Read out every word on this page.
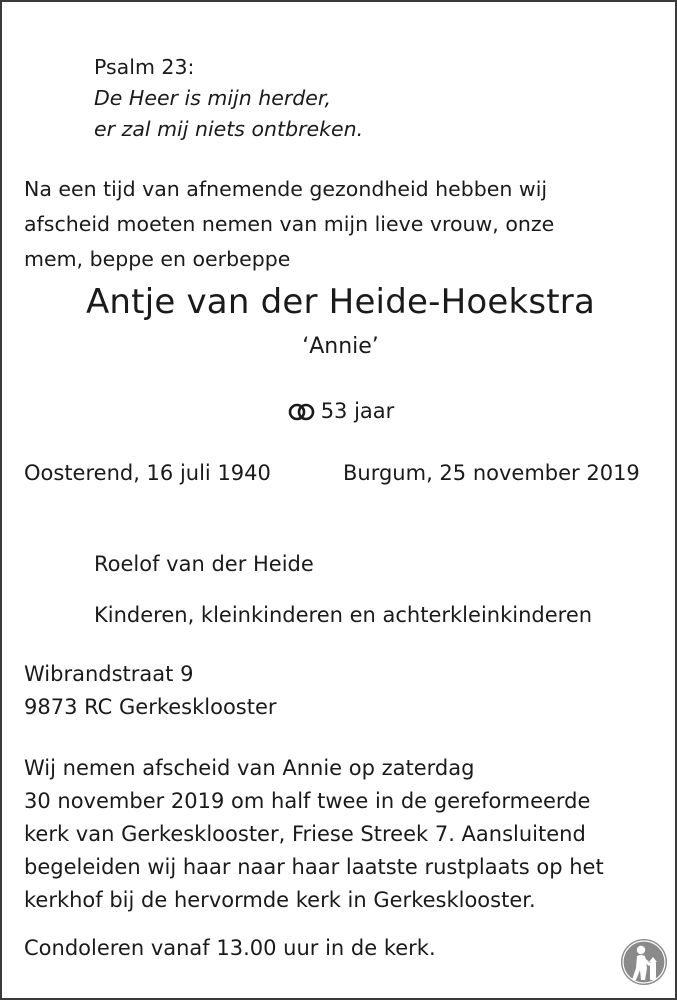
Psalm 23:
De Heer is mijn herder,
er zal mij niets ontbreken.
Na een tijd van afnemende gezondheid hebben wij
afscheid moeten nemen van mijn lieve vrouw, onze
mem, beppe en oerbeppe
Antje van der Heide-Hoekstra
‘Annie’
53 jaar
Oosterend, 16 juli 1940	Burgum, 25 november 2019
Roelof van der Heide
Kinderen, kleinkinderen en achterkleinkinderen
Wibrandstraat 9
9873 RC Gerkesklooster
Wij nemen afscheid van Annie op zaterdag
30 november 2019 om half twee in de gereformeerde
kerk van Gerkesklooster, Friese Streek 7. Aansluitend
begeleiden wij haar naar haar laatste rustplaats op het
kerkhof bij de hervormde kerk in Gerkesklooster.
Condoleren vanaf 13.00 uur in de kerk.
